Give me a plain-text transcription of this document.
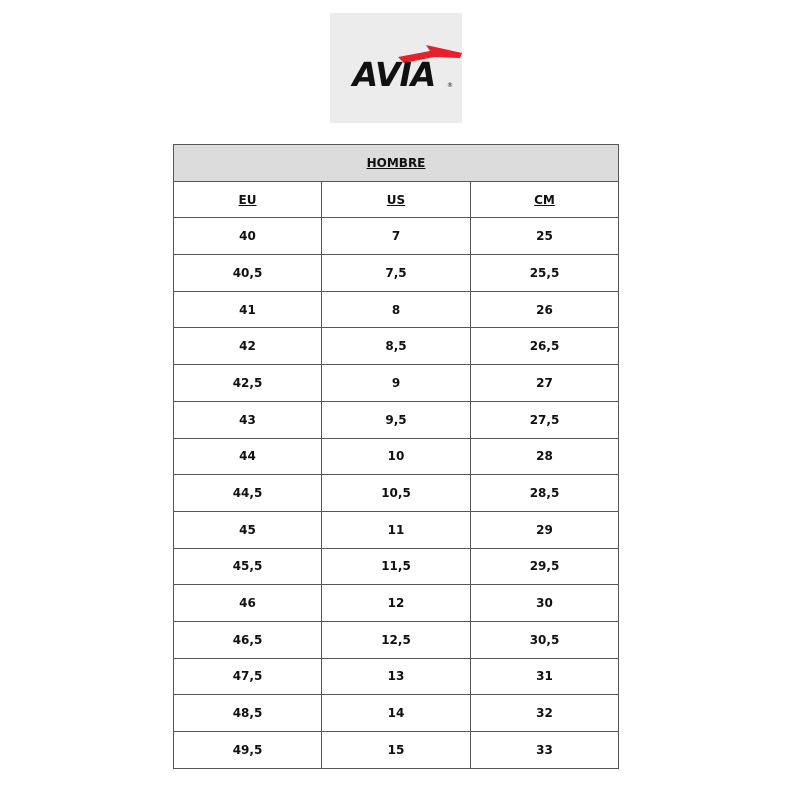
AVIA ®
HOMBRE		
EU	US	CM
40	7	25
40,5	7,5	25,5
41	8	26
42	8,5	26,5
42,5	9	27
43	9,5	27,5
44	10	28
44,5	10,5	28,5
45	11	29
45,5	11,5	29,5
46	12	30
46,5	12,5	30,5
47,5	13	31
48,5	14	32
49,5	15	33
